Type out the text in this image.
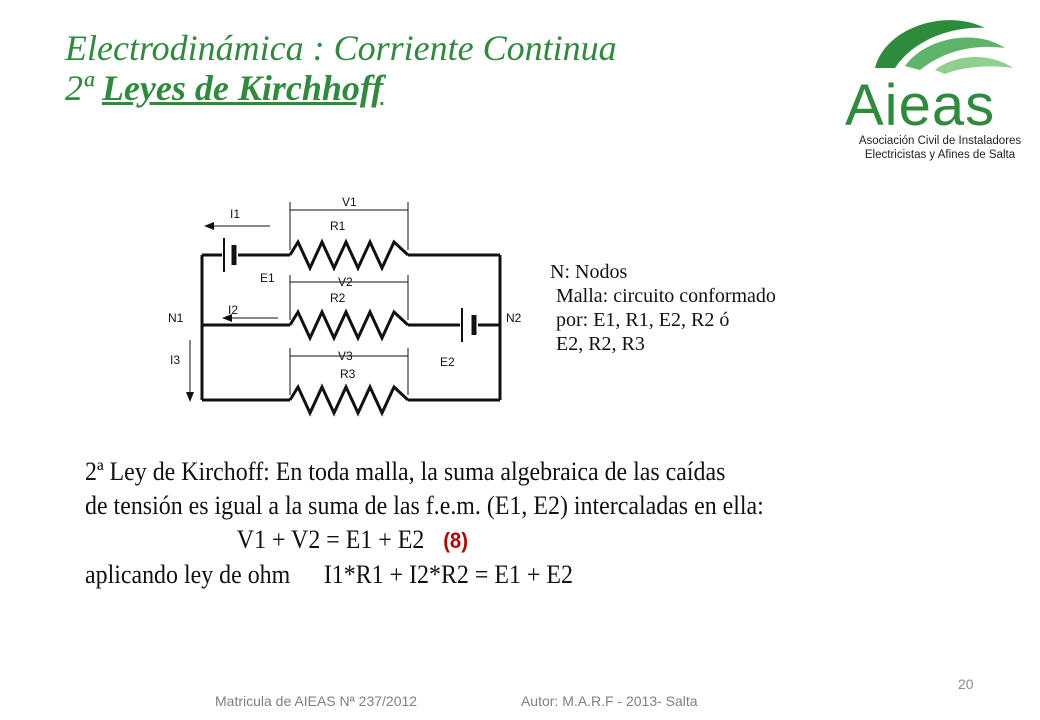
Electrodinámica : Corriente Continua
2ª Leyes de Kirchhoff	Aieas
Asociación Civil de Instaladores
Electricistas y Afines de Salta
I1
V1
R1
E1	V2
R2
I2
N1	N2
E2
I3	V3
R3
N: Nodos
Malla: circuito conformado
por: E1, R1, E2, R2 ó
E2, R2, R3
2ª Ley de Kirchoff: En toda malla, la suma algebraica de las caídas
de tensión es igual a la suma de las f.e.m. (E1, E2) intercaladas en ella:
V1 + V2 = E1 + E2 (8)
aplicando ley de ohm I1*R1 + I2*R2 = E1 + E2
20
Matricula de AIEAS Nª 237/2012	Autor: M.A.R.F - 2013- Salta
